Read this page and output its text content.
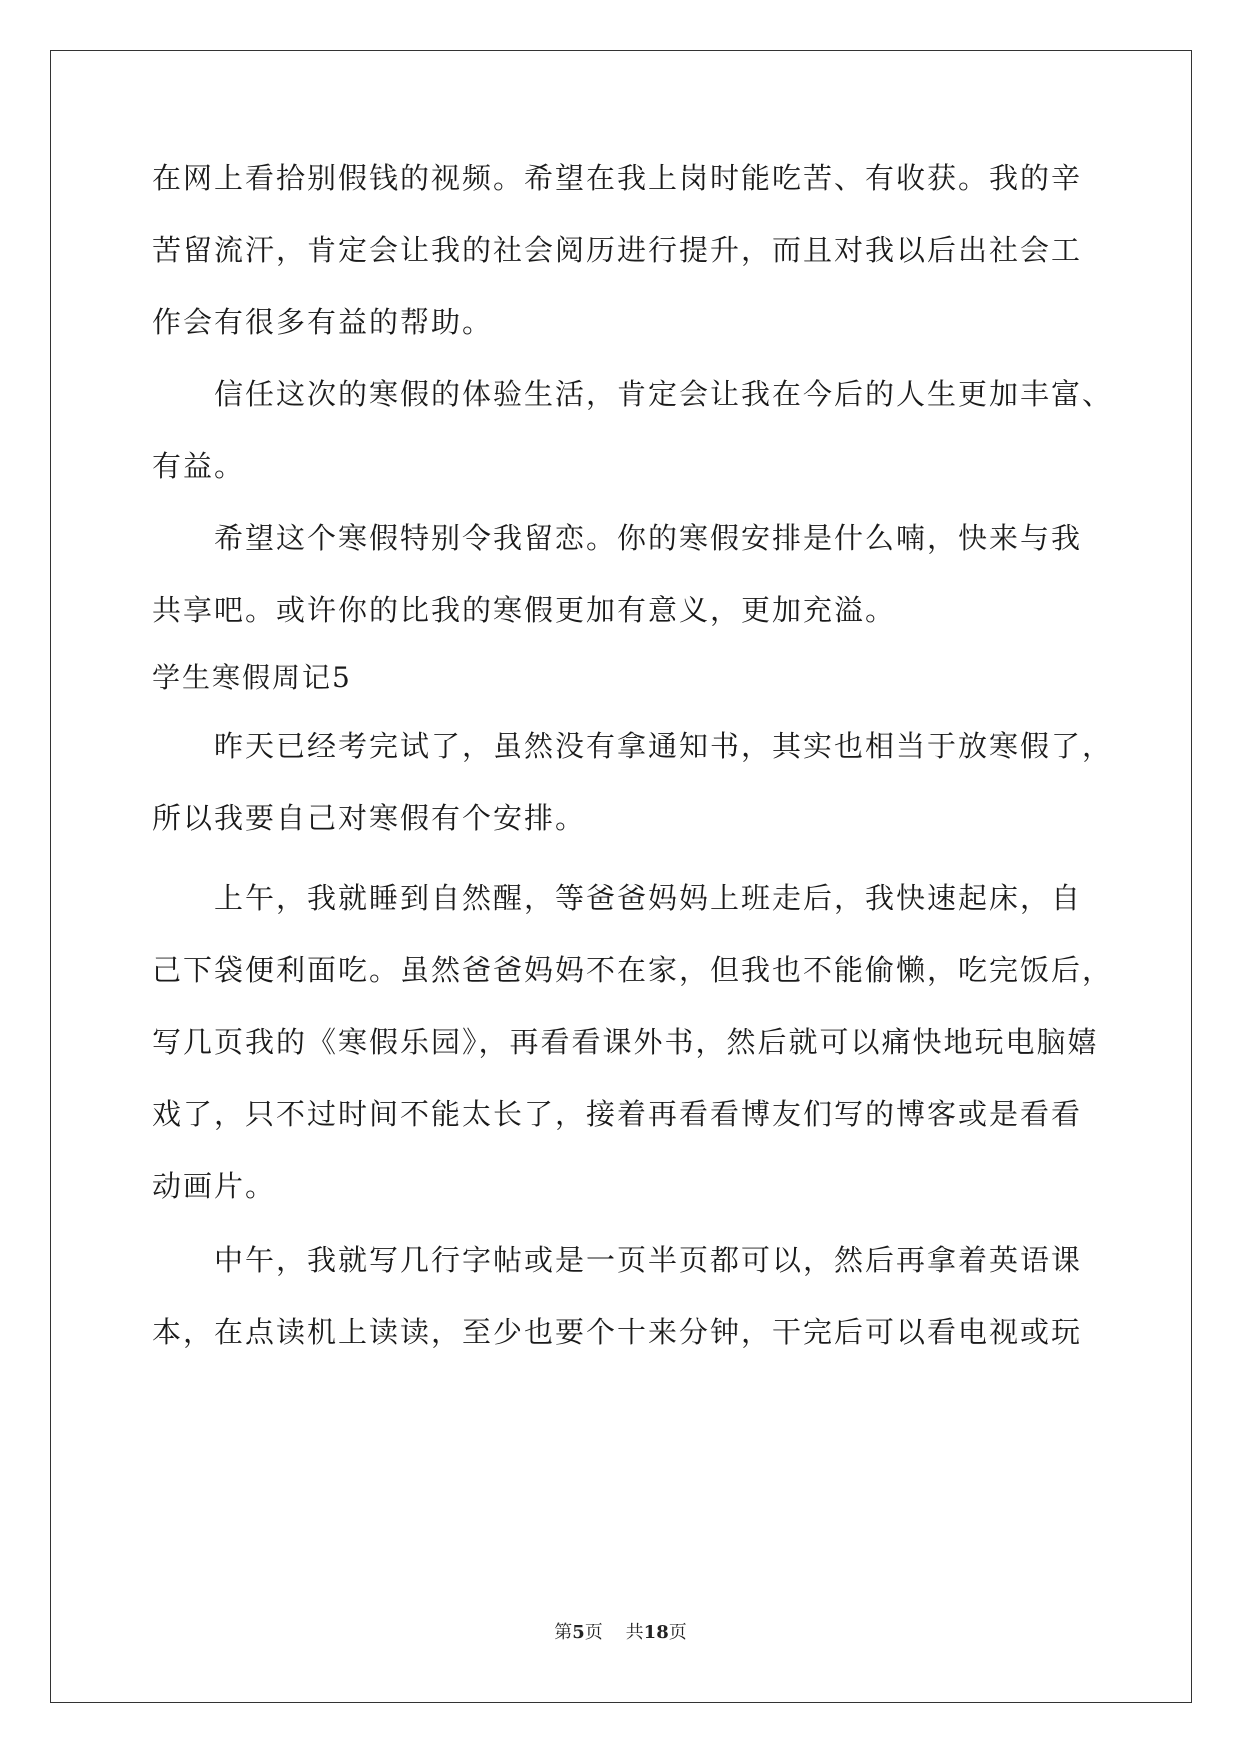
在网上看拾别假钱的视频。希望在我上岗时能吃苦、有收获。我的辛
苦留流汗，肯定会让我的社会阅历进行提升，而且对我以后出社会工
作会有很多有益的帮助。
　　信任这次的寒假的体验生活，肯定会让我在今后的人生更加丰富、
有益。
　　希望这个寒假特别令我留恋。你的寒假安排是什么喃，快来与我
共享吧。或许你的比我的寒假更加有意义，更加充溢。
学生寒假周记5
　　昨天已经考完试了，虽然没有拿通知书，其实也相当于放寒假了，
所以我要自己对寒假有个安排。
　　上午，我就睡到自然醒，等爸爸妈妈上班走后，我快速起床，自
己下袋便利面吃。虽然爸爸妈妈不在家，但我也不能偷懒，吃完饭后，
写几页我的《寒假乐园》，再看看课外书，然后就可以痛快地玩电脑嬉
戏了，只不过时间不能太长了，接着再看看博友们写的博客或是看看
动画片。
　　中午，我就写几行字帖或是一页半页都可以，然后再拿着英语课
本，在点读机上读读，至少也要个十来分钟，干完后可以看电视或玩
第5页 共18页
